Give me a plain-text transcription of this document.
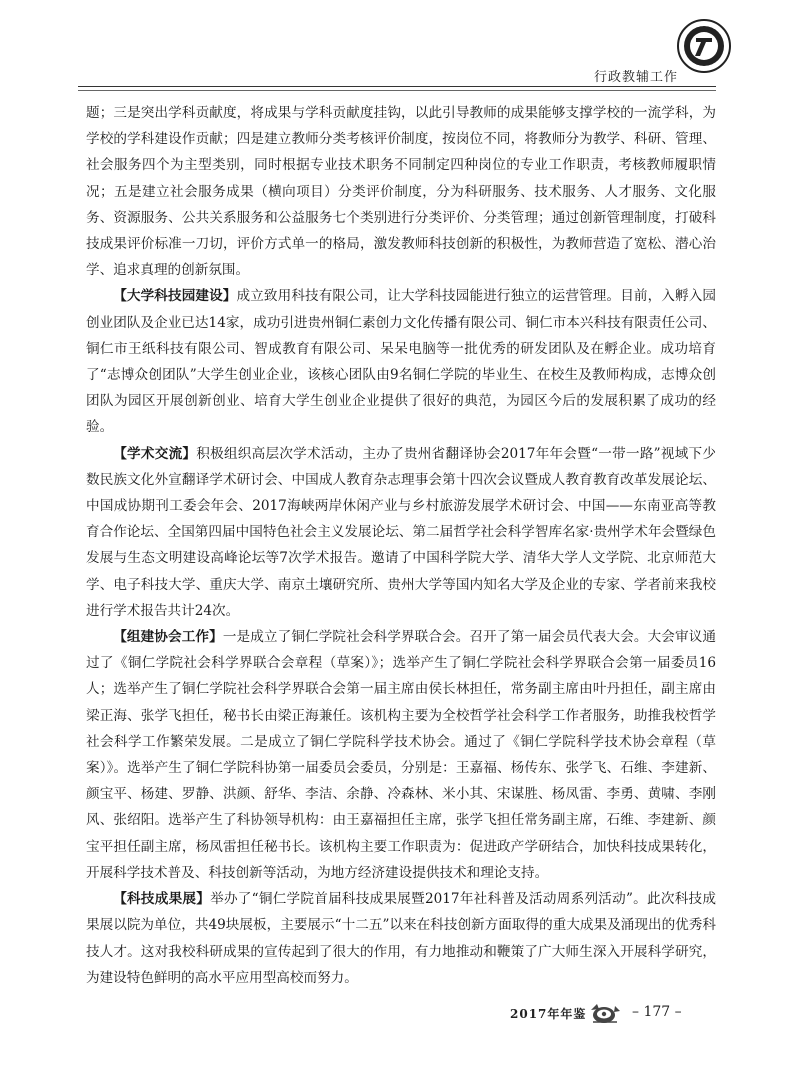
行政教辅工作

题；三是突出学科贡献度，将成果与学科贡献度挂钩，以此引导教师的成果能够支撑学校的一流学科，为学校的学科建设作贡献；四是建立教师分类考核评价制度，按岗位不同，将教师分为教学、科研、管理、社会服务四个为主型类别，同时根据专业技术职务不同制定四种岗位的专业工作职责，考核教师履职情况；五是建立社会服务成果（横向项目）分类评价制度，分为科研服务、技术服务、人才服务、文化服务、资源服务、公共关系服务和公益服务七个类别进行分类评价、分类管理；通过创新管理制度，打破科技成果评价标准一刀切，评价方式单一的格局，激发教师科技创新的积极性，为教师营造了宽松、潜心治学、追求真理的创新氛围。

【大学科技园建设】成立致用科技有限公司，让大学科技园能进行独立的运营管理。目前，入孵入园创业团队及企业已达14家，成功引进贵州铜仁素创力文化传播有限公司、铜仁市本兴科技有限责任公司、铜仁市王纸科技有限公司、智成教育有限公司、呆呆电脑等一批优秀的研发团队及在孵企业。成功培育了“志博众创团队”大学生创业企业，该核心团队由9名铜仁学院的毕业生、在校生及教师构成，志博众创团队为园区开展创新创业、培育大学生创业企业提供了很好的典范，为园区今后的发展积累了成功的经验。

【学术交流】积极组织高层次学术活动，主办了贵州省翻译协会2017年年会暨“一带一路”视域下少数民族文化外宣翻译学术研讨会、中国成人教育杂志理事会第十四次会议暨成人教育教育改革发展论坛、中国成协期刊工委会年会、2017海峡两岸休闲产业与乡村旅游发展学术研讨会、中国——东南亚高等教育合作论坛、全国第四届中国特色社会主义发展论坛、第二届哲学社会科学智库名家·贵州学术年会暨绿色发展与生态文明建设高峰论坛等7次学术报告。邀请了中国科学院大学、清华大学人文学院、北京师范大学、电子科技大学、重庆大学、南京土壤研究所、贵州大学等国内知名大学及企业的专家、学者前来我校进行学术报告共计24次。

【组建协会工作】一是成立了铜仁学院社会科学界联合会。召开了第一届会员代表大会。大会审议通过了《铜仁学院社会科学界联合会章程（草案）》；选举产生了铜仁学院社会科学界联合会第一届委员16人；选举产生了铜仁学院社会科学界联合会第一届主席由侯长林担任，常务副主席由叶丹担任，副主席由梁正海、张学飞担任，秘书长由梁正海兼任。该机构主要为全校哲学社会科学工作者服务，助推我校哲学社会科学工作繁荣发展。二是成立了铜仁学院科学技术协会。通过了《铜仁学院科学技术协会章程（草案）》。选举产生了铜仁学院科协第一届委员会委员，分别是：王嘉福、杨传东、张学飞、石维、李建新、颜宝平、杨建、罗静、洪颜、舒华、李洁、余静、冷森林、米小其、宋谋胜、杨凤雷、李勇、黄啸、李刚风、张绍阳。选举产生了科协领导机构：由王嘉福担任主席，张学飞担任常务副主席，石维、李建新、颜宝平担任副主席，杨凤雷担任秘书长。该机构主要工作职责为：促进政产学研结合，加快科技成果转化，开展科学技术普及、科技创新等活动，为地方经济建设提供技术和理论支持。

【科技成果展】举办了“铜仁学院首届科技成果展暨2017年社科普及活动周系列活动”。此次科技成果展以院为单位，共49块展板，主要展示“十二五”以来在科技创新方面取得的重大成果及涌现出的优秀科技人才。这对我校科研成果的宣传起到了很大的作用，有力地推动和鞭策了广大师生深入开展科学研究，为建设特色鲜明的高水平应用型高校而努力。

2017年年鉴	– 177 –
